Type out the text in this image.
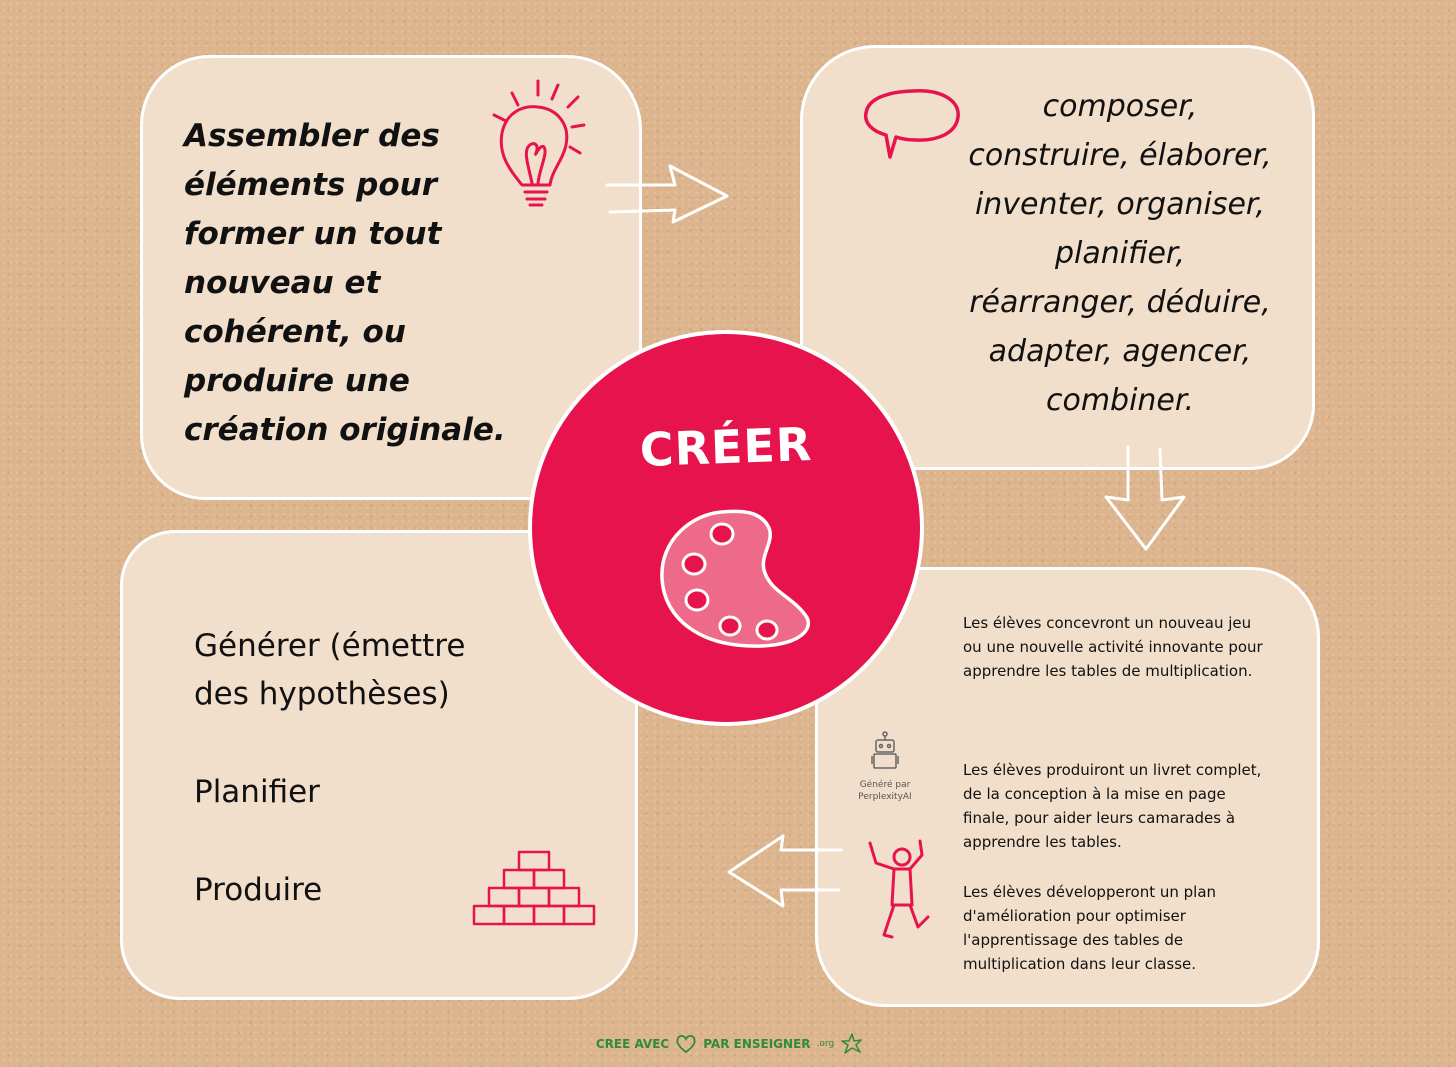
Assembler des
éléments pour
former un tout
nouveau et
cohérent, ou
produire une
création originale.

composer,
construire, élaborer,
inventer, organiser,
planifier,
réarranger, déduire,
adapter, agencer,
combiner.

CRÉER
Générer (émettre
des hypothèses)
Planifier
Produire

Les élèves concevront un nouveau jeu ou une nouvelle activité innovante pour apprendre les tables de multiplication.

Les élèves produiront un livret complet, de la conception à la mise en page finale, pour aider leurs camarades à apprendre les tables.

Les élèves développeront un plan d'amélioration pour optimiser l'apprentissage des tables de multiplication dans leur classe.

Généré par
PerplexityAI
CREE AVEC	PAR ENSEIGNER .org
